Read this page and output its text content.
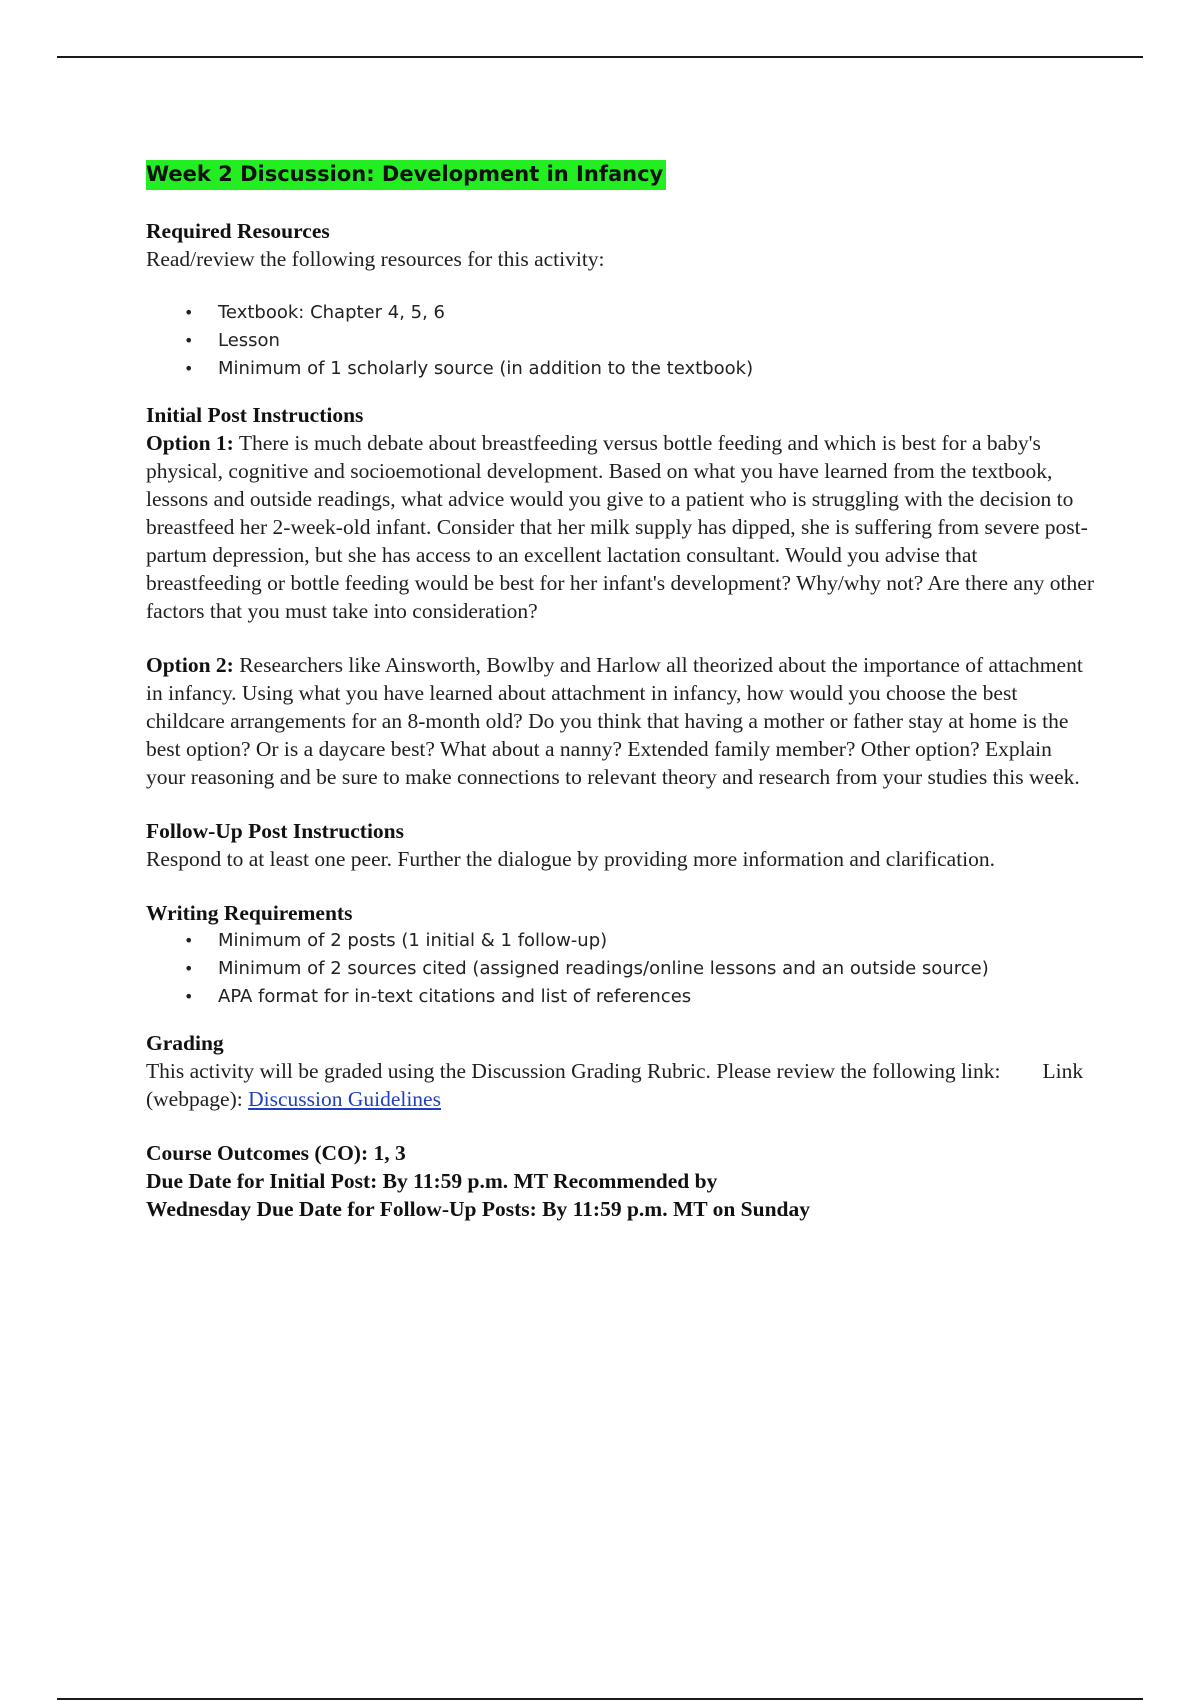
Week 2 Discussion: Development in Infancy

Required Resources

Read/review the following resources for this activity:

• Textbook: Chapter 4, 5, 6
• Lesson
• Minimum of 1 scholarly source (in addition to the textbook)

Initial Post Instructions

Option 1: There is much debate about breastfeeding versus bottle feeding and which is best for a baby's physical, cognitive and socioemotional development. Based on what you have learned from the textbook, lessons and outside readings, what advice would you give to a patient who is struggling with the decision to breastfeed her 2-week-old infant. Consider that her milk supply has dipped, she is suffering from severe post-partum depression, but she has access to an excellent lactation consultant. Would you advise that breastfeeding or bottle feeding would be best for her infant's development? Why/why not? Are there any other factors that you must take into consideration?

Option 2: Researchers like Ainsworth, Bowlby and Harlow all theorized about the importance of attachment in infancy. Using what you have learned about attachment in infancy, how would you choose the best childcare arrangements for an 8-month old? Do you think that having a mother or father stay at home is the best option? Or is a daycare best? What about a nanny? Extended family member? Other option? Explain your reasoning and be sure to make connections to relevant theory and research from your studies this week.

Follow-Up Post Instructions

Respond to at least one peer. Further the dialogue by providing more information and clarification.

Writing Requirements

• Minimum of 2 posts (1 initial & 1 follow-up)
• Minimum of 2 sources cited (assigned readings/online lessons and an outside source)
• APA format for in-text citations and list of references

Grading

This activity will be graded using the Discussion Grading Rubric. Please review the following link: Link (webpage): Discussion Guidelines

Course Outcomes (CO): 1, 3

Due Date for Initial Post: By 11:59 p.m. MT Recommended by

Wednesday Due Date for Follow-Up Posts: By 11:59 p.m. MT on Sunday
